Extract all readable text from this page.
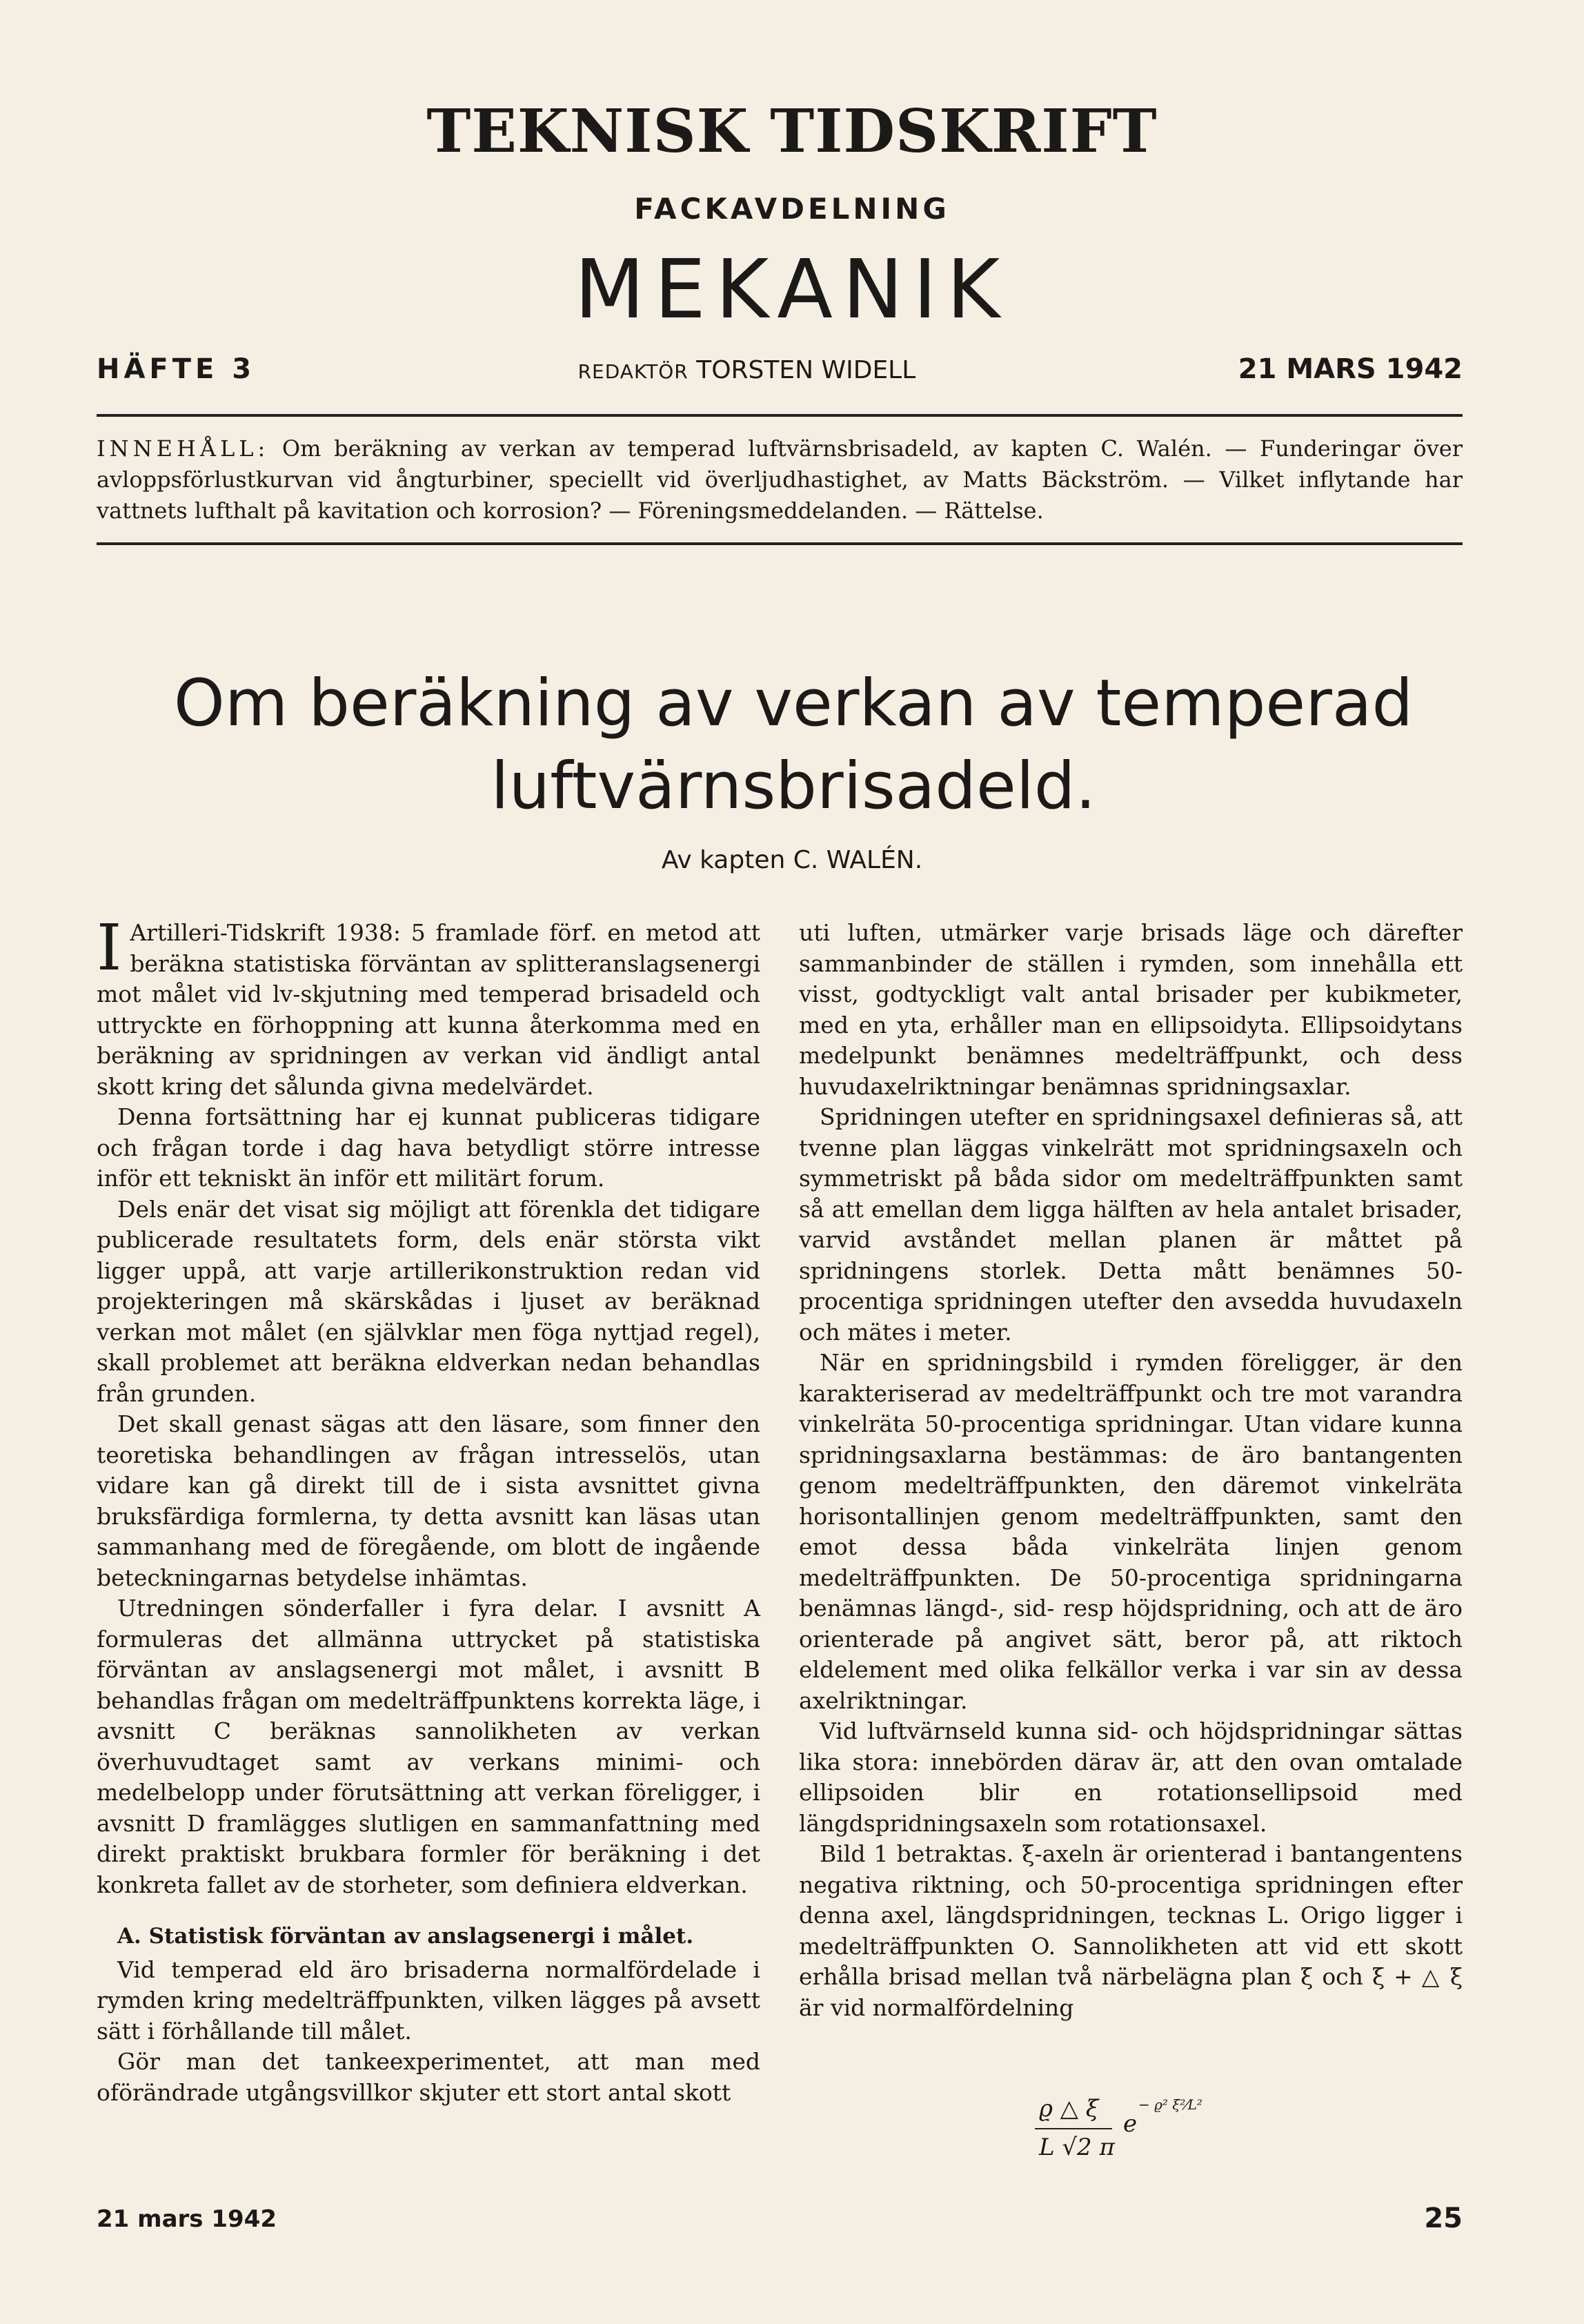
TEKNISK TIDSKRIFT
FACKAVDELNING
MEKANIK
HÄFTE 3	REDAKTÖR TORSTEN WIDELL	21 MARS 1942
INNEHÅLL: Om beräkning av verkan av temperad luftvärnsbrisadeld, av kapten C. Walén. — Funderingar över avloppsförlustkurvan vid ångturbiner, speciellt vid överljudhastighet, av Matts Bäckström. — Vilket inflytande har vattnets lufthalt på kavitation och korrosion? — Föreningsmeddelanden. — Rättelse.
Om beräkning av verkan av temperad luftvärnsbrisadeld.
Av kapten C. WALÉN.

I Artilleri-Tidskrift 1938: 5 framlade förf. en metod att beräkna statistiska förväntan av splitteranslagsenergi mot målet vid lv-skjutning med temperad brisadeld och uttryckte en förhoppning att kunna återkomma med en beräkning av spridningen av verkan vid ändligt antal skott kring det sålunda givna medelvärdet.

Denna fortsättning har ej kunnat publiceras tidigare och frågan torde i dag hava betydligt större intresse inför ett tekniskt än inför ett militärt forum.

Dels enär det visat sig möjligt att förenkla det tidigare publicerade resultatets form, dels enär största vikt ligger uppå, att varje artillerikonstruktion redan vid projekteringen må skärskådas i ljuset av beräknad verkan mot målet (en självklar men föga nyttjad regel), skall problemet att beräkna eldverkan nedan behandlas från grunden.

Det skall genast sägas att den läsare, som finner den teoretiska behandlingen av frågan intresselös, utan vidare kan gå direkt till de i sista avsnittet givna bruksfärdiga formlerna, ty detta avsnitt kan läsas utan sammanhang med de föregående, om blott de ingående beteckningarnas betydelse inhämtas.

Utredningen sönderfaller i fyra delar. I avsnitt A formuleras det allmänna uttrycket på statistiska förväntan av anslagsenergi mot målet, i avsnitt B behandlas frågan om medelträffpunktens korrekta läge, i avsnitt C beräknas sannolikheten av verkan överhuvudtaget samt av verkans minimi- och medelbelopp under förutsättning att verkan föreligger, i avsnitt D framlägges slutligen en sammanfattning med direkt praktiskt brukbara formler för beräkning i det konkreta fallet av de storheter, som definiera eldverkan.

A. Statistisk förväntan av anslagsenergi i målet.

Vid temperad eld äro brisaderna normalfördelade i rymden kring medelträffpunkten, vilken lägges på avsett sätt i förhållande till målet.

Gör man det tankeexperimentet, att man med oförändrade utgångsvillkor skjuter ett stort antal skott

uti luften, utmärker varje brisads läge och därefter sammanbinder de ställen i rymden, som innehålla ett visst, godtyckligt valt antal brisader per kubikmeter, med en yta, erhåller man en ellipsoidyta. Ellipsoidytans medelpunkt benämnes medelträffpunkt, och dess huvudaxelriktningar benämnas spridningsaxlar.

Spridningen utefter en spridningsaxel definieras så, att tvenne plan läggas vinkelrätt mot spridningsaxeln och symmetriskt på båda sidor om medelträffpunkten samt så att emellan dem ligga hälften av hela antalet brisader, varvid avståndet mellan planen är måttet på spridningens storlek. Detta mått benämnes 50-procentiga spridningen utefter den avsedda huvudaxeln och mätes i meter.

När en spridningsbild i rymden föreligger, är den karakteriserad av medelträffpunkt och tre mot varandra vinkelräta 50-procentiga spridningar. Utan vidare kunna spridningsaxlarna bestämmas: de äro bantangenten genom medelträffpunkten, den däremot vinkelräta horisontallinjen genom medelträffpunkten, samt den emot dessa båda vinkelräta linjen genom medelträffpunkten. De 50-procentiga spridningarna benämnas längd-, sid- resp höjdspridning, och att de äro orienterade på angivet sätt, beror på, att riktoch eldelement med olika felkällor verka i var sin av dessa axelriktningar.

Vid luftvärnseld kunna sid- och höjdspridningar sättas lika stora: innebörden därav är, att den ovan omtalade ellipsoiden blir en rotationsellipsoid med längdspridningsaxeln som rotationsaxel.

Bild 1 betraktas. ξ-axeln är orienterad i bantangentens negativa riktning, och 50-procentiga spridningen efter denna axel, längdspridningen, tecknas L. Origo ligger i medelträffpunkten O. Sannolikheten att vid ett skott erhålla brisad mellan två närbelägna plan ξ och ξ + △ ξ är vid normalfördelning

ϱ △ ξ
L √2 π
e
− ϱ² ξ²⁄L²
21 mars 1942	25
